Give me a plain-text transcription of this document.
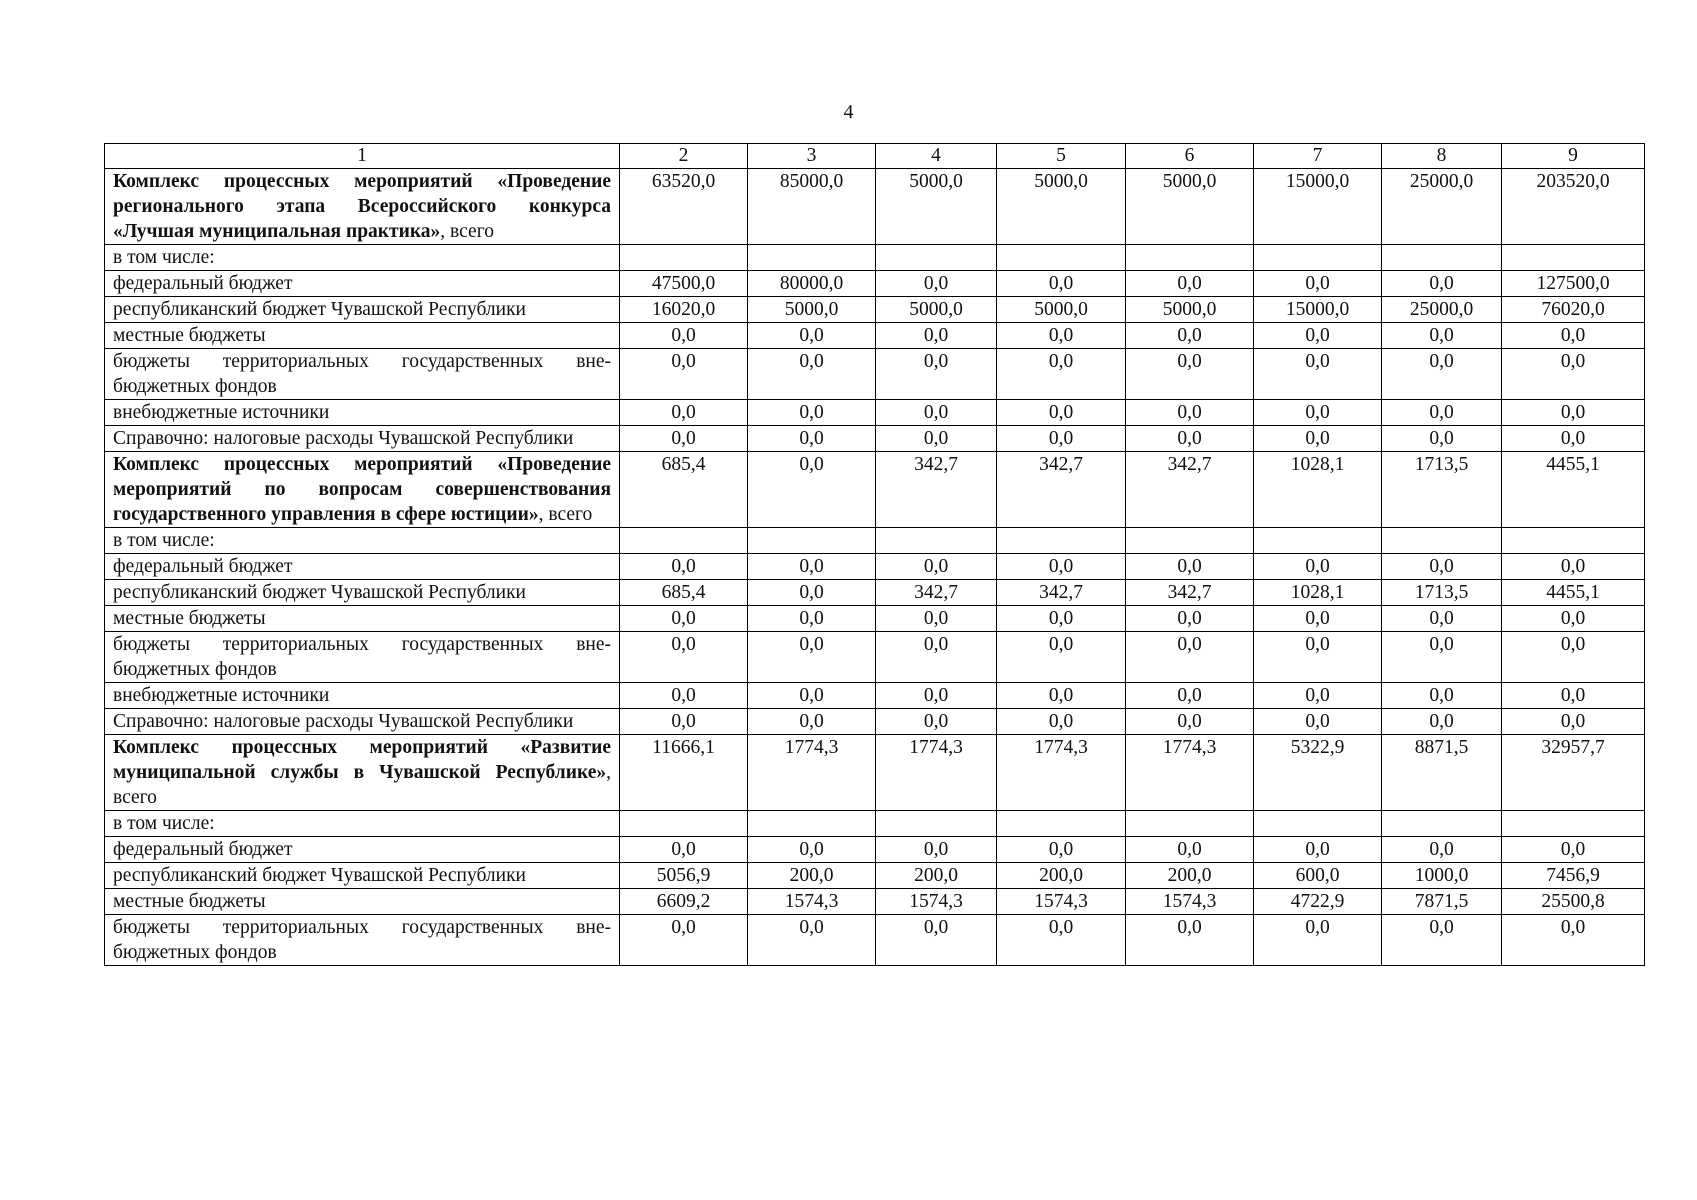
4
1	2	3	4	5	6	7	8	9
Комплекс процессных мероприятий «Проведение регионального этапа Всероссийского конкурса «Лучшая муниципальная практика», всего	63520,0	85000,0	5000,0	5000,0	5000,0	15000,0	25000,0	203520,0
в том числе:								
федеральный бюджет	47500,0	80000,0	0,0	0,0	0,0	0,0	0,0	127500,0
республиканский бюджет Чувашской Республики	16020,0	5000,0	5000,0	5000,0	5000,0	15000,0	25000,0	76020,0
местные бюджеты	0,0	0,0	0,0	0,0	0,0	0,0	0,0	0,0
бюджеты территориальных государственных внебюджетных фондов	0,0	0,0	0,0	0,0	0,0	0,0	0,0	0,0
внебюджетные источники	0,0	0,0	0,0	0,0	0,0	0,0	0,0	0,0
Справочно: налоговые расходы Чувашской Республики	0,0	0,0	0,0	0,0	0,0	0,0	0,0	0,0
Комплекс процессных мероприятий «Проведение мероприятий по вопросам совершенствования государственного управления в сфере юстиции», всего	685,4	0,0	342,7	342,7	342,7	1028,1	1713,5	4455,1
в том числе:								
федеральный бюджет	0,0	0,0	0,0	0,0	0,0	0,0	0,0	0,0
республиканский бюджет Чувашской Республики	685,4	0,0	342,7	342,7	342,7	1028,1	1713,5	4455,1
местные бюджеты	0,0	0,0	0,0	0,0	0,0	0,0	0,0	0,0
бюджеты территориальных государственных внебюджетных фондов	0,0	0,0	0,0	0,0	0,0	0,0	0,0	0,0
внебюджетные источники	0,0	0,0	0,0	0,0	0,0	0,0	0,0	0,0
Справочно: налоговые расходы Чувашской Республики	0,0	0,0	0,0	0,0	0,0	0,0	0,0	0,0
Комплекс процессных мероприятий «Развитие муниципальной службы в Чувашской Республике», всего	11666,1	1774,3	1774,3	1774,3	1774,3	5322,9	8871,5	32957,7
в том числе:								
федеральный бюджет	0,0	0,0	0,0	0,0	0,0	0,0	0,0	0,0
республиканский бюджет Чувашской Республики	5056,9	200,0	200,0	200,0	200,0	600,0	1000,0	7456,9
местные бюджеты	6609,2	1574,3	1574,3	1574,3	1574,3	4722,9	7871,5	25500,8
бюджеты территориальных государственных внебюджетных фондов	0,0	0,0	0,0	0,0	0,0	0,0	0,0	0,0
